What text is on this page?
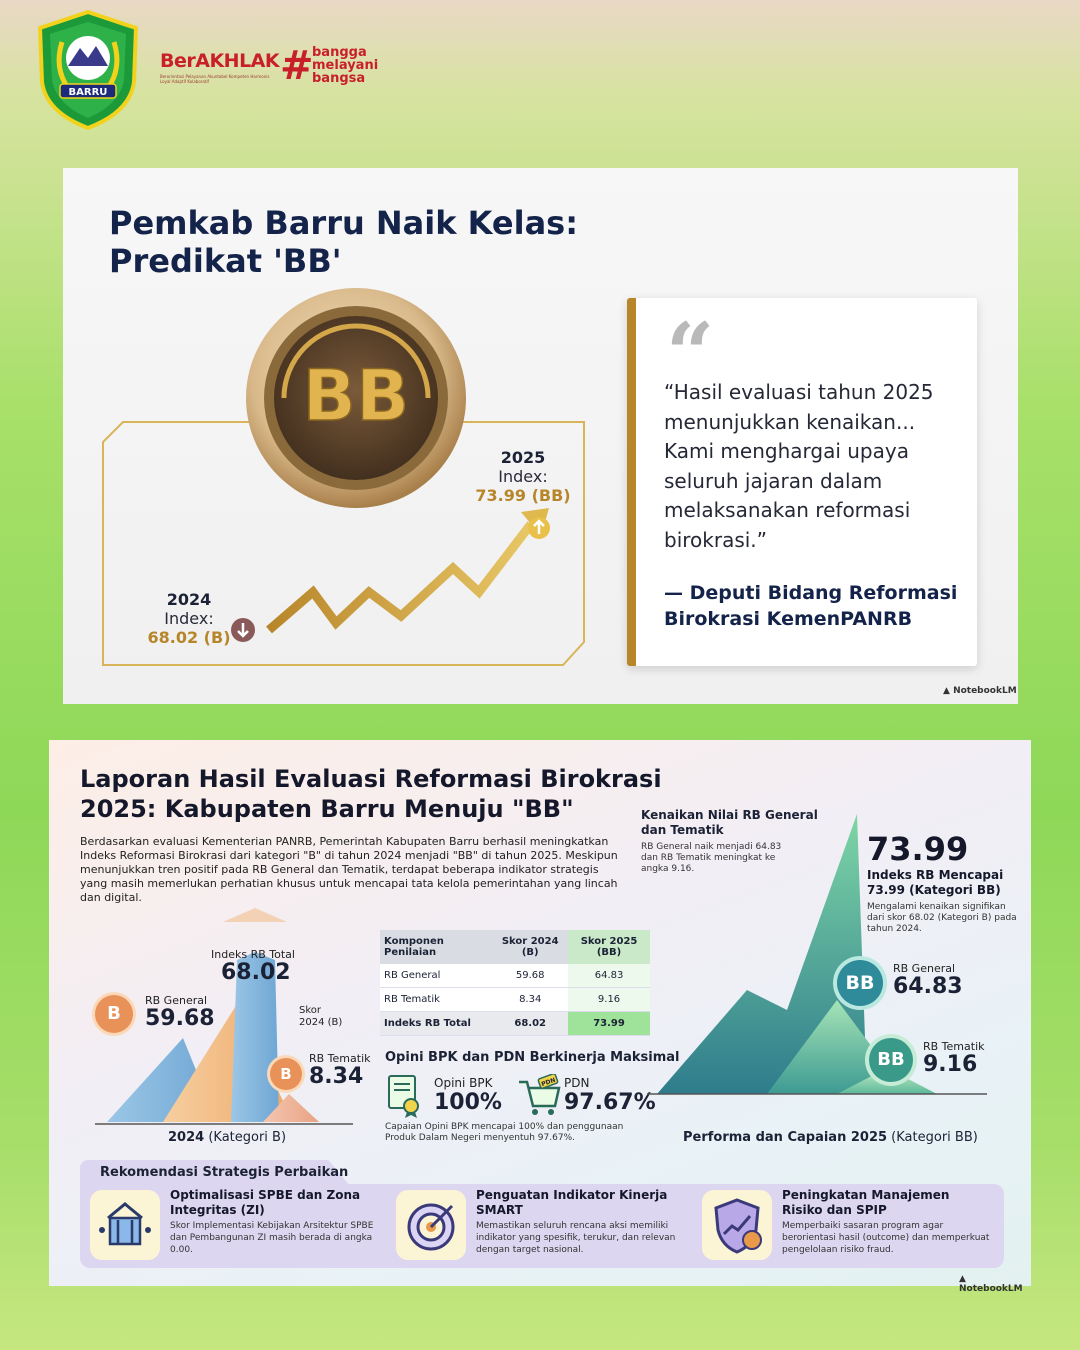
BARRU
BerAKHLAK
Berorientasi Pelayanan Akuntabel Kompeten Harmonis Loyal Adaptif Kolaboratif	#
bangga
melayani
bangsa
Pemkab Barru Naik Kelas: Predikat 'BB'
BB
2024
Index:
68.02 (B)
2025
Index:
73.99 (BB)
“
“Hasil evaluasi tahun 2025 menunjukkan kenaikan... Kami menghargai upaya seluruh jajaran dalam melaksanakan reformasi birokrasi.”
— Deputi Bidang Reformasi Birokrasi KemenPANRB
▲ NotebookLM
Laporan Hasil Evaluasi Reformasi Birokrasi 2025: Kabupaten Barru Menuju "BB"
Berdasarkan evaluasi Kementerian PANRB, Pemerintah Kabupaten Barru berhasil meningkatkan Indeks Reformasi Birokrasi dari kategori "B" di tahun 2024 menjadi "BB" di tahun 2025. Meskipun menunjukkan tren positif pada RB General dan Tematik, terdapat beberapa indikator strategis yang masih memerlukan perhatian khusus untuk mencapai tata kelola pemerintahan yang lincah dan digital.
Indeks RB Total
68.02
B
RB General
59.68	Skor 2024 (B)
B
RB Tematik
8.34
2024 (Kategori B)
Komponen Penilaian	Skor 2024 (B)	Skor 2025 (BB)
RB General	59.68	64.83
RB Tematik	8.34	9.16
Indeks RB Total	68.02	73.99
Opini BPK dan PDN Berkinerja Maksimal
Opini BPK
100%
PDN PDN
97.67%
Capaian Opini BPK mencapai 100% dan penggunaan Produk Dalam Negeri menyentuh 97.67%.
Kenaikan Nilai RB General dan Tematik
RB General naik menjadi 64.83 dan RB Tematik meningkat ke angka 9.16.
73.99
Indeks RB Mencapai 73.99 (Kategori BB)
Mengalami kenaikan signifikan dari skor 68.02 (Kategori B) pada tahun 2024.
BB
RB General
64.83
BB
RB Tematik
9.16
Performa dan Capaian 2025 (Kategori BB)
Rekomendasi Strategis Perbaikan
Optimalisasi SPBE dan Zona Integritas (ZI)
Skor Implementasi Kebijakan Arsitektur SPBE dan Pembangunan ZI masih berada di angka 0.00.
Penguatan Indikator Kinerja SMART
Memastikan seluruh rencana aksi memiliki indikator yang spesifik, terukur, dan relevan dengan target nasional.
Peningkatan Manajemen Risiko dan SPIP
Memperbaiki sasaran program agar berorientasi hasil (outcome) dan memperkuat pengelolaan risiko fraud.
▲ NotebookLM
